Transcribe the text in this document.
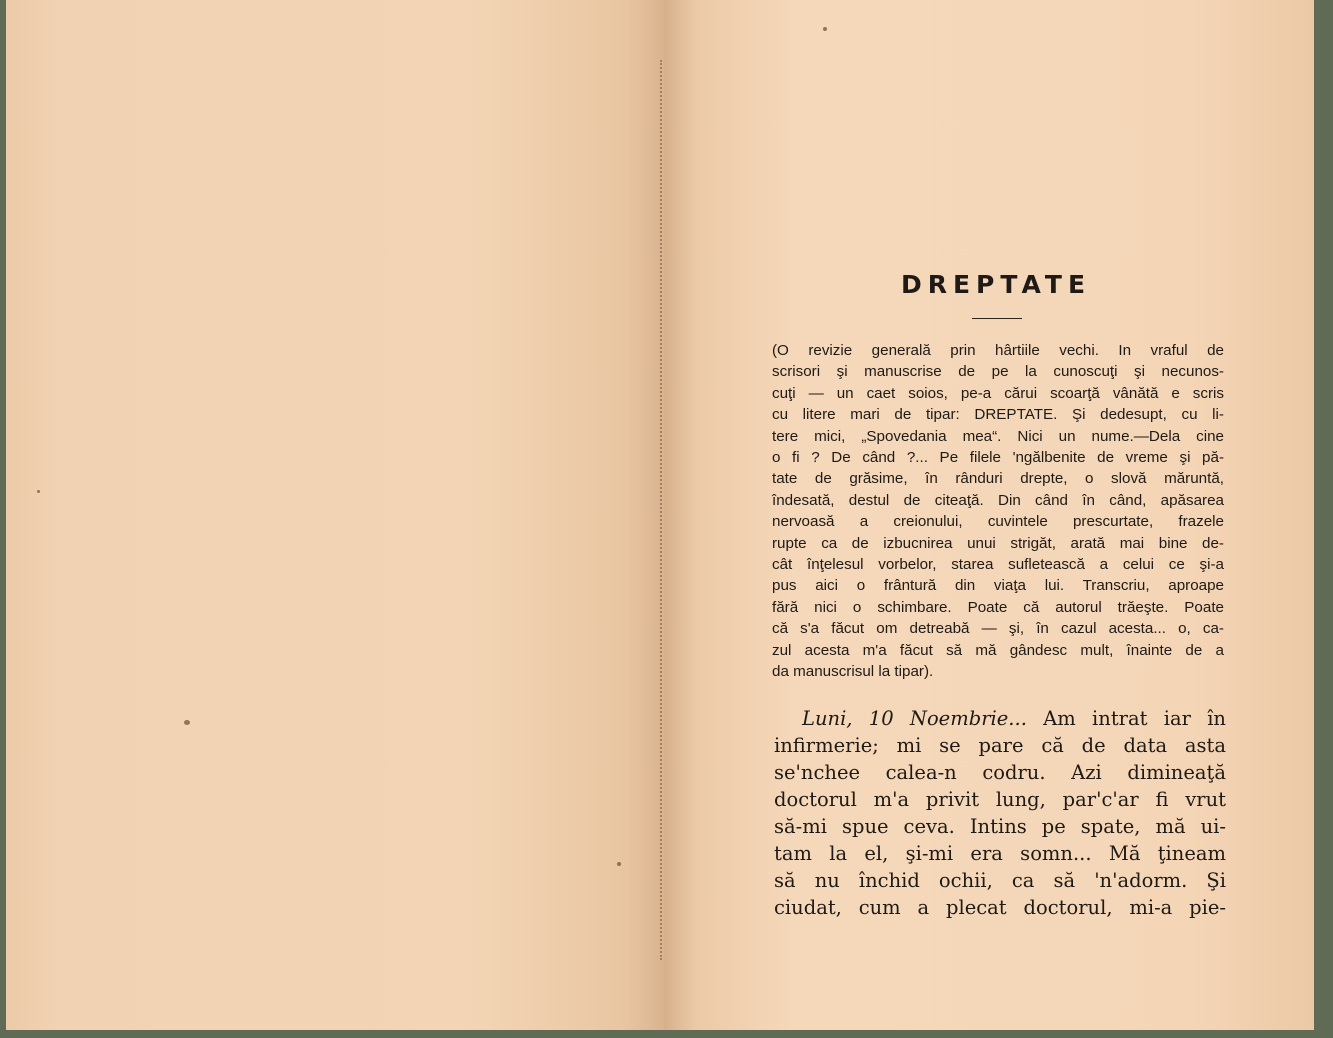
DREPTATE
(O revizie generală prin hârtiile vechi. In vraful de
scrisori şi manuscrise de pe la cunoscuţi şi necunos-
cuţi — un caet soios, pe-a cărui scoarţă vânătă e scris
cu litere mari de tipar: DREPTATE. Şi dedesupt, cu li-
tere mici, „Spovedania mea“. Nici un nume.—Dela cine
o fi ? De când ?... Pe filele 'ngălbenite de vreme şi pă-
tate de grăsime, în rânduri drepte, o slovă măruntă,
îndesată, destul de citeaţă. Din când în când, apăsarea
nervoasă a creionului, cuvintele prescurtate, frazele
rupte ca de izbucnirea unui strigăt, arată mai bine de-
cât înţelesul vorbelor, starea sufletească a celui ce şi-a
pus aici o frântură din viaţa lui. Transcriu, aproape
fără nici o schimbare. Poate că autorul trăeşte. Poate
că s'a făcut om detreabă — şi, în cazul acesta... o, ca-
zul acesta m'a făcut să mă gândesc mult, înainte de a
da manuscrisul la tipar).
Luni, 10 Noembrie... Am intrat iar în
infirmerie; mi se pare că de data asta
se'nchee calea-n codru. Azi dimineaţă
doctorul m'a privit lung, par'c'ar fi vrut
să-mi spue ceva. Intins pe spate, mă ui-
tam la el, şi-mi era somn... Mă ţineam
să nu închid ochii, ca să 'n'adorm. Şi
ciudat, cum a plecat doctorul, mi-a pie-
